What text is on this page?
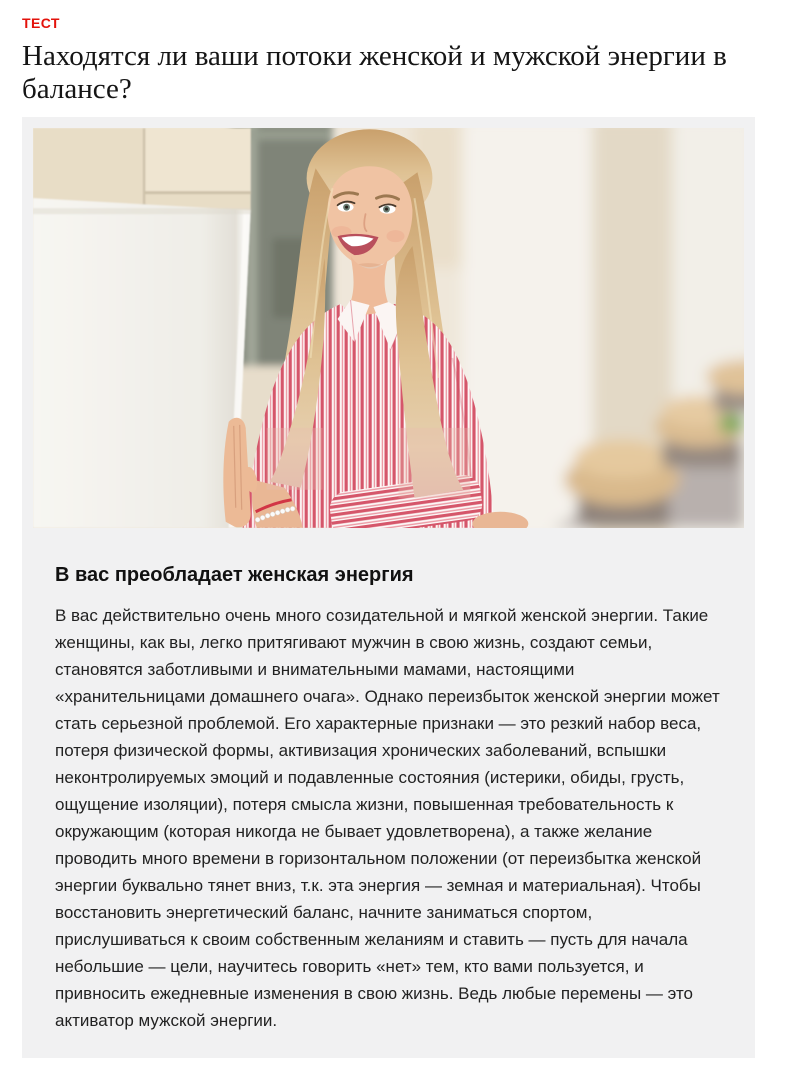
ТЕСТ
Находятся ли ваши потоки женской и мужской энергии в балансе?
В вас преобладает женская энергия

В вас действительно очень много созидательной и мягкой женской энергии. Такие женщины, как вы, легко притягивают мужчин в свою жизнь, создают семьи, становятся заботливыми и внимательными мамами, настоящими «хранительницами домашнего очага». Однако переизбыток женской энергии может стать серьезной проблемой. Его характерные признаки — это резкий набор веса, потеря физической формы, активизация хронических заболеваний, вспышки неконтролируемых эмоций и подавленные состояния (истерики, обиды, грусть, ощущение изоляции), потеря смысла жизни, повышенная требовательность к окружающим (которая никогда не бывает удовлетворена), а также желание проводить много времени в горизонтальном положении (от переизбытка женской энергии буквально тянет вниз, т.к. эта энергия — земная и материальная). Чтобы восстановить энергетический баланс, начните заниматься спортом, прислушиваться к своим собственным желаниям и ставить — пусть для начала небольшие — цели, научитесь говорить «нет» тем, кто вами пользуется, и привносить ежедневные изменения в свою жизнь. Ведь любые перемены — это активатор мужской энергии.
